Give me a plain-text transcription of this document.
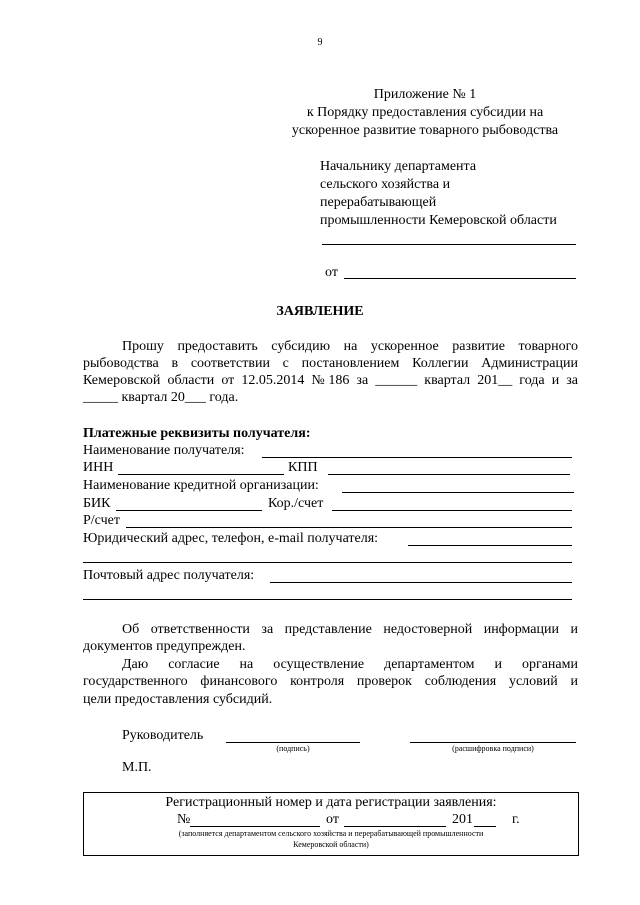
9
Приложение № 1
к Порядку предоставления субсидии на
ускоренное развитие товарного рыбоводства
Начальнику департамента
сельского хозяйства и
перерабатывающей
промышленности Кемеровской области
от
ЗАЯВЛЕНИЕ
Прошу предоставить субсидию на ускоренное развитие товарного
рыбоводства в соответствии с постановлением Коллегии Администрации
Кемеровской области от 12.05.2014 №186 за ______ квартал 201__ года и за
_____ квартал 20___ года.
Платежные реквизиты получателя:
Наименование получателя:
ИНН	КПП
Наименование кредитной организации:
БИК	Кор./счет
Р/счет
Юридический адрес, телефон, e-mail получателя:
Почтовый адрес получателя:
Об ответственности за представление недостоверной информации и
документов предупрежден.
Даю согласие на осуществление департаментом и органами
государственного финансового контроля проверок соблюдения условий и
цели предоставления субсидий.
Руководитель
(подпись)	(расшифровка подписи)
М.П.
Регистрационный номер и дата регистрации заявления:
№	от	201	г.
(заполняется департаментом сельского хозяйства и перерабатывающей промышленности
Кемеровской области)
